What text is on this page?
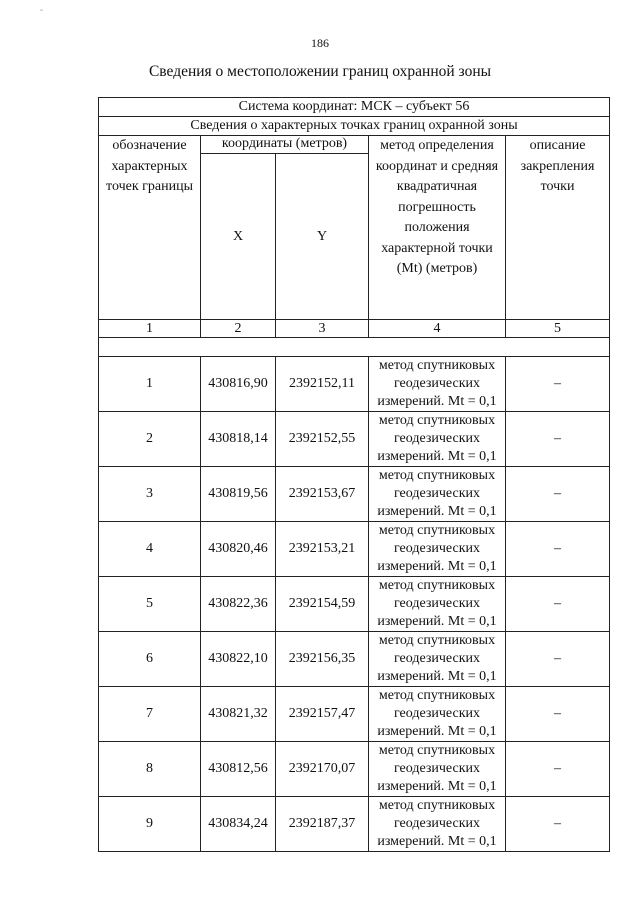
ˆ
186
Сведения о местоположении границ охранной зоны
Система координат: МСК – субъект 56				
Сведения о характерных точках границ охранной зоны				
обозначение характерных точек границы	координаты (метров)		метод определения координат и средняя квадратичная погрешность положения характерной точки (Mt) (метров)	описание закрепления точки
	X	Y		
1	2	3	4	5

1	430816,90	2392152,11	метод спутниковых геодезических измерений. Mt = 0,1	–
2	430818,14	2392152,55	метод спутниковых геодезических измерений. Mt = 0,1	–
3	430819,56	2392153,67	метод спутниковых геодезических измерений. Mt = 0,1	–
4	430820,46	2392153,21	метод спутниковых геодезических измерений. Mt = 0,1	–
5	430822,36	2392154,59	метод спутниковых геодезических измерений. Mt = 0,1	–
6	430822,10	2392156,35	метод спутниковых геодезических измерений. Mt = 0,1	–
7	430821,32	2392157,47	метод спутниковых геодезических измерений. Mt = 0,1	–
8	430812,56	2392170,07	метод спутниковых геодезических измерений. Mt = 0,1	–
9	430834,24	2392187,37	метод спутниковых геодезических измерений. Mt = 0,1	–
